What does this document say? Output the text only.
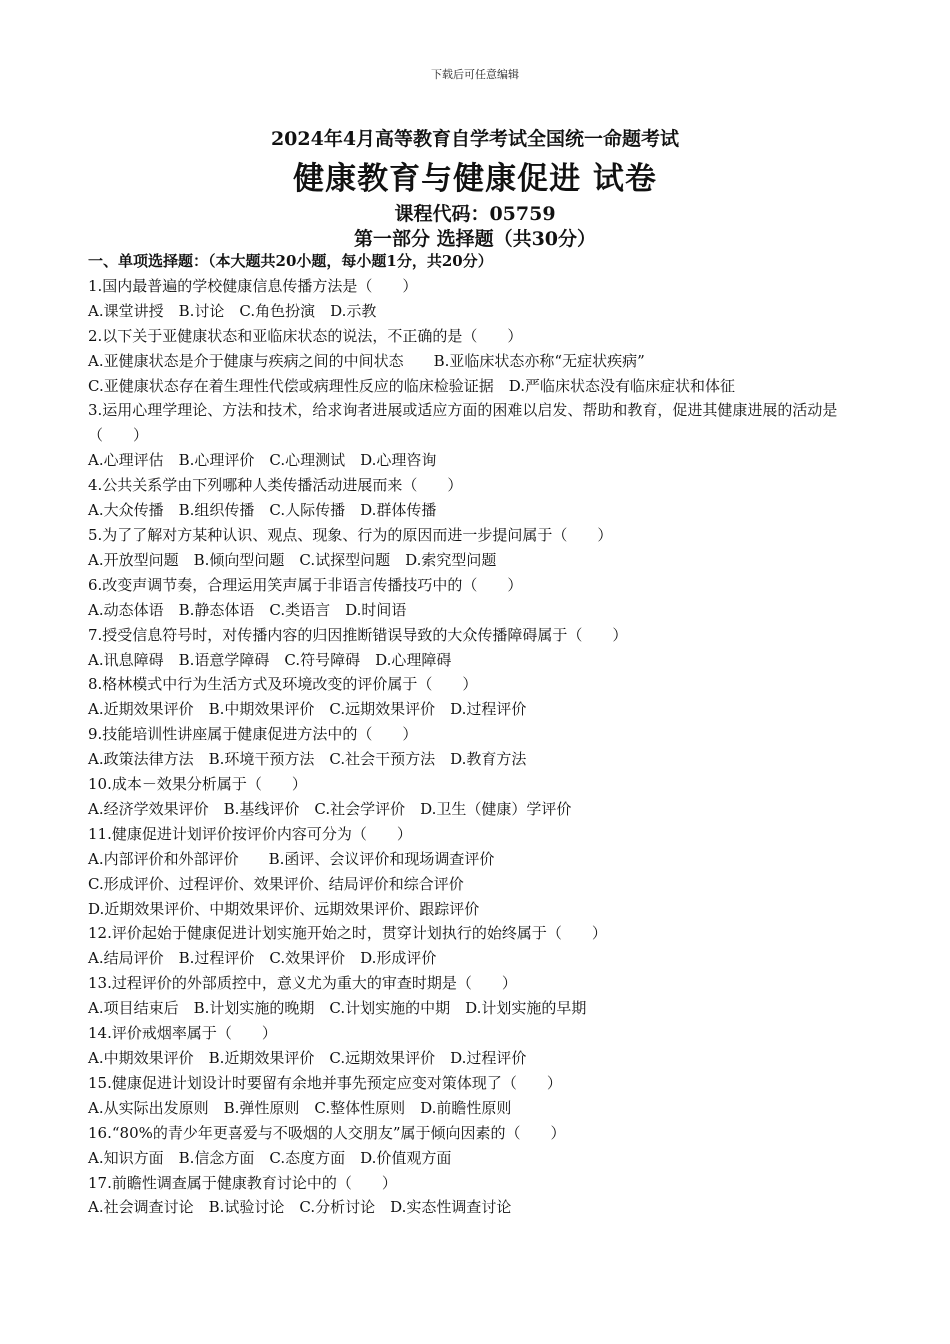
下载后可任意编辑
2024年4月高等教育自学考试全国统一命题考试
健康教育与健康促进 试卷
课程代码：05759
第一部分 选择题（共30分）
一、单项选择题：（本大题共20小题，每小题1分，共20分）
1.国内最普遍的学校健康信息传播方法是（　　）
A.课堂讲授　B.讨论　C.角色扮演　D.示教
2.以下关于亚健康状态和亚临床状态的说法，不正确的是（　　）
A.亚健康状态是介于健康与疾病之间的中间状态　　B.亚临床状态亦称“无症状疾病”
C.亚健康状态存在着生理性代偿或病理性反应的临床检验证据　D.严临床状态没有临床症状和体征
3.运用心理学理论、方法和技术，给求询者进展或适应方面的困难以启发、帮助和教育，促进其健康进展的活动是（　　）
A.心理评估　B.心理评价　C.心理测试　D.心理咨询
4.公共关系学由下列哪种人类传播活动进展而来（　　）
A.大众传播　B.组织传播　C.人际传播　D.群体传播
5.为了了解对方某种认识、观点、现象、行为的原因而进一步提问属于（　　）
A.开放型问题　B.倾向型问题　C.试探型问题　D.索究型问题
6.改变声调节奏，合理运用笑声属于非语言传播技巧中的（　　）
A.动态体语　B.静态体语　C.类语言　D.时间语
7.授受信息符号时，对传播内容的归因推断错误导致的大众传播障碍属于（　　）
A.讯息障碍　B.语意学障碍　C.符号障碍　D.心理障碍
8.格林模式中行为生活方式及环境改变的评价属于（　　）
A.近期效果评价　B.中期效果评价　C.远期效果评价　D.过程评价
9.技能培训性讲座属于健康促进方法中的（　　）
A.政策法律方法　B.环境干预方法　C.社会干预方法　D.教育方法
10.成本－效果分析属于（　　）
A.经济学效果评价　B.基线评价　C.社会学评价　D.卫生（健康）学评价
11.健康促进计划评价按评价内容可分为（　　）
A.内部评价和外部评价　　B.函评、会议评价和现场调查评价
C.形成评价、过程评价、效果评价、结局评价和综合评价
D.近期效果评价、中期效果评价、远期效果评价、跟踪评价
12.评价起始于健康促进计划实施开始之时，贯穿计划执行的始终属于（　　）
A.结局评价　B.过程评价　C.效果评价　D.形成评价
13.过程评价的外部质控中，意义尤为重大的审查时期是（　　）
A.项目结束后　B.计划实施的晚期　C.计划实施的中期　D.计划实施的早期
14.评价戒烟率属于（　　）
A.中期效果评价　B.近期效果评价　C.远期效果评价　D.过程评价
15.健康促进计划设计时要留有余地并事先预定应变对策体现了（　　）
A.从实际出发原则　B.弹性原则　C.整体性原则　D.前瞻性原则
16.“80%的青少年更喜爱与不吸烟的人交朋友”属于倾向因素的（　　）
A.知识方面　B.信念方面　C.态度方面　D.价值观方面
17.前瞻性调查属于健康教育讨论中的（　　）
A.社会调查讨论　B.试验讨论　C.分析讨论　D.实态性调查讨论
